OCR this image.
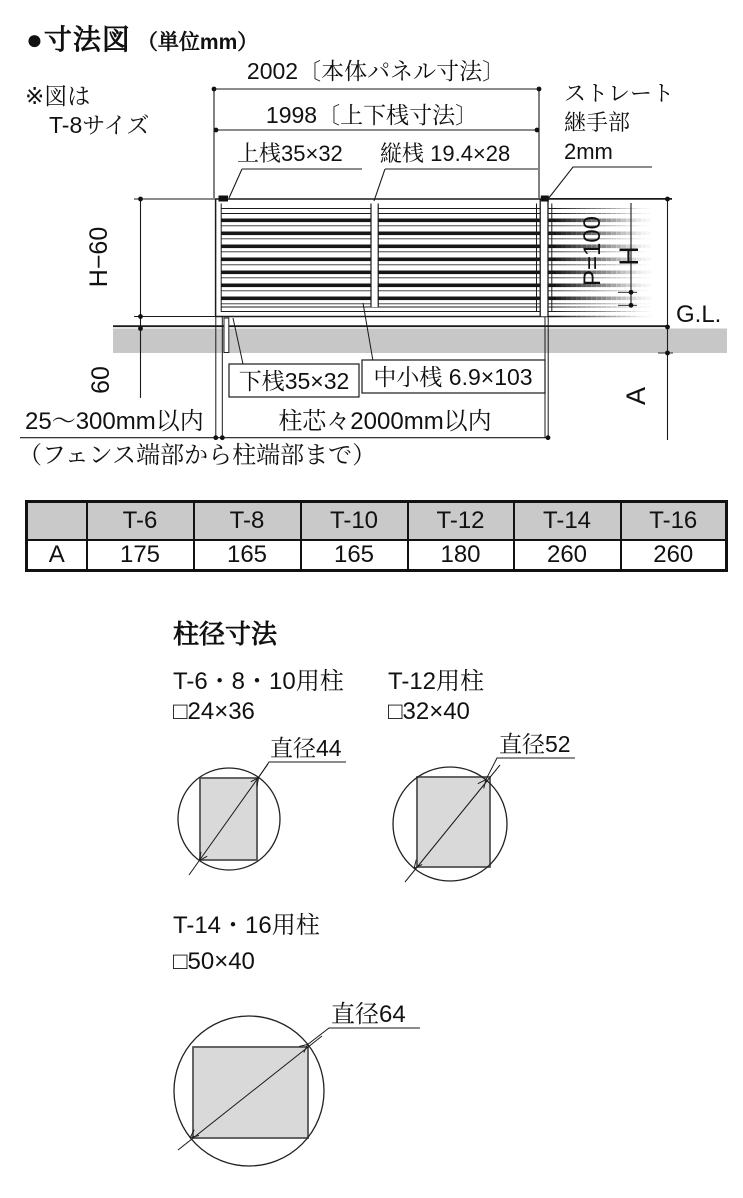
2002〔本体パネル寸法〕
1998〔上下桟寸法〕
上桟35×32 縦桟 19.4×28
ストレート
継手部
2mm
H−60
60
P=100 H
A
G.L.
下桟35×32 中小桟 6.9×103
25〜300mm以内	柱芯々2000mm以内
（フェンス端部から柱端部まで）
直径44	直径52
直径64
●寸法図 （単位mm）
※図は
T-8サイズ
	T-6	T-8	T-10	T-12	T-14	T-16
A	175	165	165	180	260	260
柱径寸法
T-6・8・10用柱
□24×36
T-12用柱
□32×40
T-14・16用柱
□50×40
